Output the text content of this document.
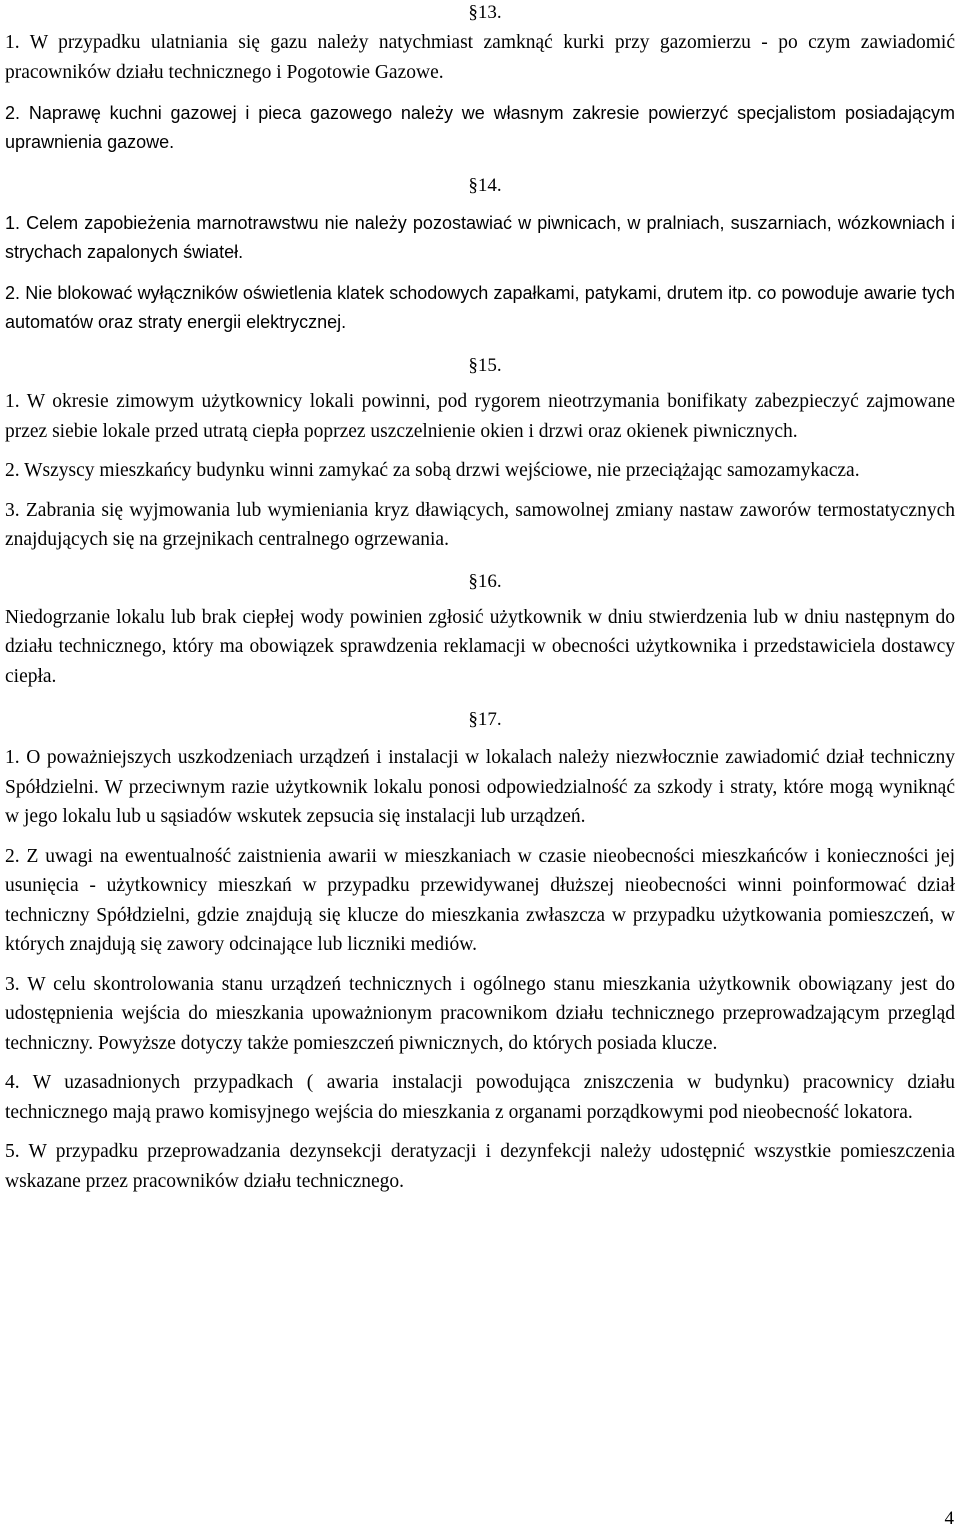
§13.

1. W przypadku ulatniania się gazu należy natychmiast zamknąć kurki przy gazomierzu - po czym zawiadomić pracowników działu technicznego i Pogotowie Gazowe.

2. Naprawę kuchni gazowej i pieca gazowego należy we własnym zakresie powierzyć specjalistom posiadającym uprawnienia gazowe.

§14.

1. Celem zapobieżenia marnotrawstwu nie należy pozostawiać w piwnicach, w pralniach, suszarniach, wózkowniach i strychach zapalonych świateł.

2. Nie blokować wyłączników oświetlenia klatek schodowych zapałkami, patykami, drutem itp. co powoduje awarie tych automatów oraz straty energii elektrycznej.

§15.

1. W okresie zimowym użytkownicy lokali powinni, pod rygorem nieotrzymania bonifikaty zabezpieczyć zajmowane przez siebie lokale przed utratą ciepła poprzez uszczelnienie okien i drzwi oraz okienek piwnicznych.

2. Wszyscy mieszkańcy budynku winni zamykać za sobą drzwi wejściowe, nie przeciążając samozamykacza.

3. Zabrania się wyjmowania lub wymieniania kryz dławiących, samowolnej zmiany nastaw zaworów termostatycznych znajdujących się na grzejnikach centralnego ogrzewania.

§16.

Niedogrzanie lokalu lub brak ciepłej wody powinien zgłosić użytkownik w dniu stwierdzenia lub w dniu następnym do działu technicznego, który ma obowiązek sprawdzenia reklamacji w obecności użytkownika i przedstawiciela dostawcy ciepła.

§17.

1. O poważniejszych uszkodzeniach urządzeń i instalacji w lokalach należy niezwłocznie zawiadomić dział techniczny Spółdzielni. W przeciwnym razie użytkownik lokalu ponosi odpowiedzialność za szkody i straty, które mogą wyniknąć w jego lokalu lub u sąsiadów wskutek zepsucia się instalacji lub urządzeń.

2. Z uwagi na ewentualność zaistnienia awarii w mieszkaniach w czasie nieobecności mieszkańców i konieczności jej usunięcia - użytkownicy mieszkań w przypadku przewidywanej dłuższej nieobecności winni poinformować dział techniczny Spółdzielni, gdzie znajdują się klucze do mieszkania zwłaszcza w przypadku użytkowania pomieszczeń, w których znajdują się zawory odcinające lub liczniki mediów.

3. W celu skontrolowania stanu urządzeń technicznych i ogólnego stanu mieszkania użytkownik obowiązany jest do udostępnienia wejścia do mieszkania upoważnionym pracownikom działu technicznego przeprowadzającym przegląd techniczny. Powyższe dotyczy także pomieszczeń piwnicznych, do których posiada klucze.

4. W uzasadnionych przypadkach ( awaria instalacji powodująca zniszczenia w budynku) pracownicy działu technicznego mają prawo komisyjnego wejścia do mieszkania z organami porządkowymi pod nieobecność lokatora.

5. W przypadku przeprowadzania dezynsekcji deratyzacji i dezynfekcji należy udostępnić wszystkie pomieszczenia wskazane przez pracowników działu technicznego.

4
